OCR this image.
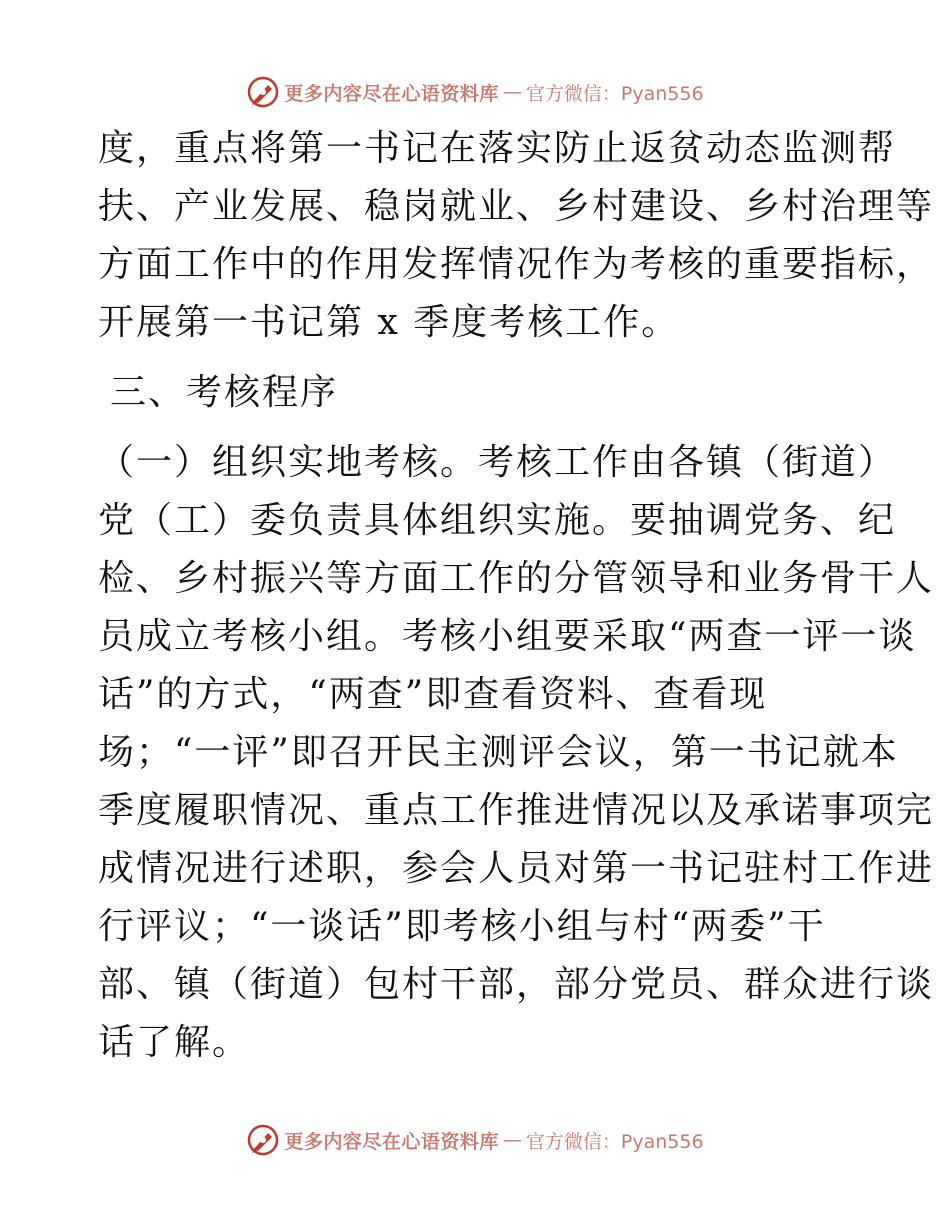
更多内容尽在心语资料库 — 官方微信：Pyan556
度，重点将第一书记在落实防止返贫动态监测帮
扶、产业发展、稳岗就业、乡村建设、乡村治理等
方面工作中的作用发挥情况作为考核的重要指标，
开展第一书记第 x 季度考核工作。
三、考核程序
（一）组织实地考核。考核工作由各镇（街道）
党（工）委负责具体组织实施。要抽调党务、纪
检、乡村振兴等方面工作的分管领导和业务骨干人
员成立考核小组。考核小组要采取“两查一评一谈
话”的方式，“两查”即查看资料、查看现
场；“一评”即召开民主测评会议，第一书记就本
季度履职情况、重点工作推进情况以及承诺事项完
成情况进行述职，参会人员对第一书记驻村工作进
行评议；“一谈话”即考核小组与村“两委”干
部、镇（街道）包村干部，部分党员、群众进行谈
话了解。
更多内容尽在心语资料库 — 官方微信：Pyan556
